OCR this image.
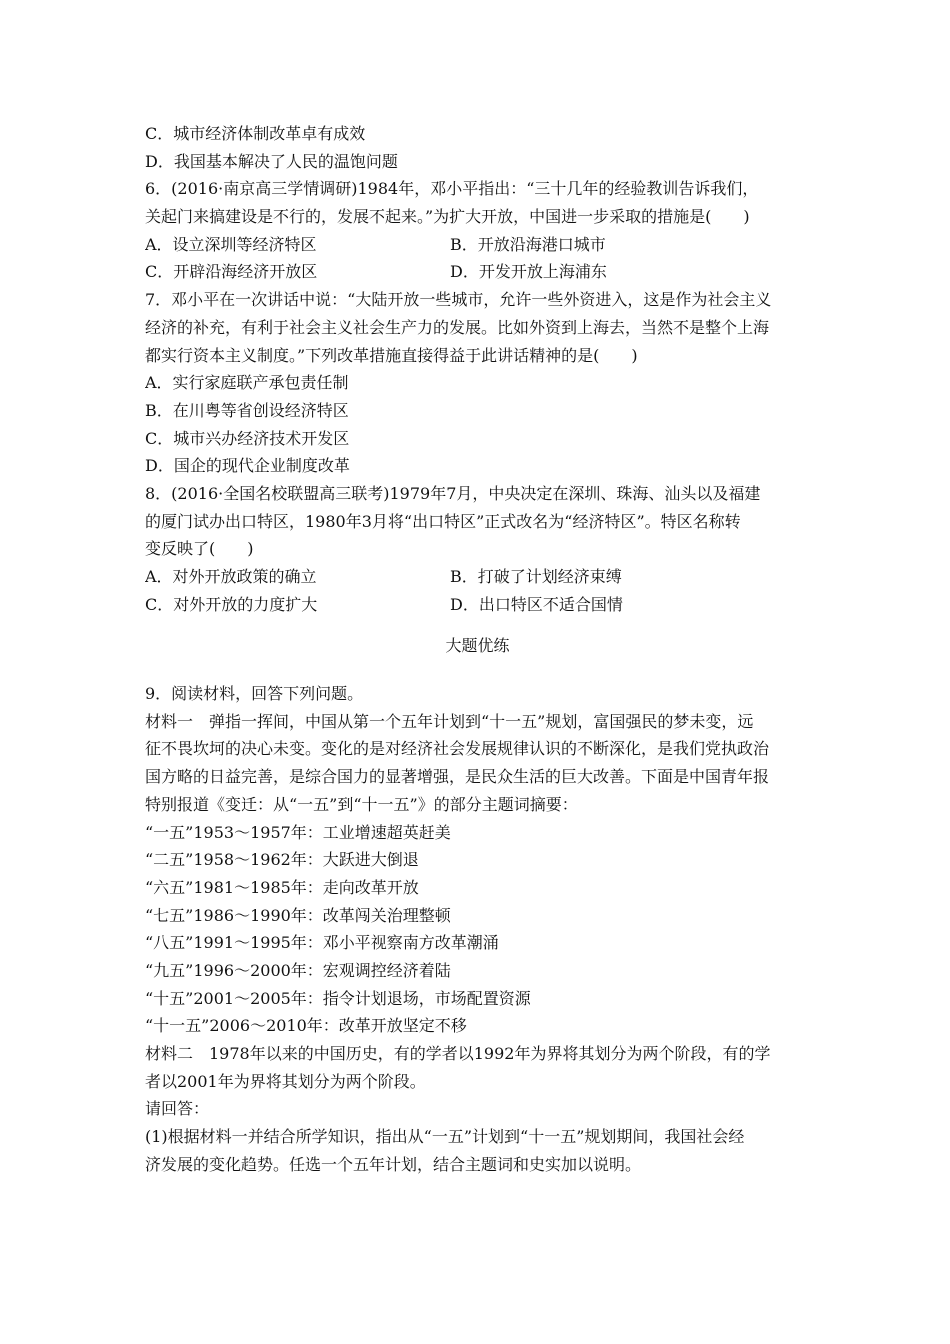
C．城市经济体制改革卓有成效
D．我国基本解决了人民的温饱问题
6．(2016·南京高三学情调研)1984年，邓小平指出：“三十几年的经验教训告诉我们，
关起门来搞建设是不行的，发展不起来。”为扩大开放，中国进一步采取的措施是(　　)
A．设立深圳等经济特区	B．开放沿海港口城市
C．开辟沿海经济开放区	D．开发开放上海浦东
7．邓小平在一次讲话中说：“大陆开放一些城市，允许一些外资进入，这是作为社会主义
经济的补充，有利于社会主义社会生产力的发展。比如外资到上海去，当然不是整个上海
都实行资本主义制度。”下列改革措施直接得益于此讲话精神的是(　　)
A．实行家庭联产承包责任制
B．在川粤等省创设经济特区
C．城市兴办经济技术开发区
D．国企的现代企业制度改革
8．(2016·全国名校联盟高三联考)1979年7月，中央决定在深圳、珠海、汕头以及福建
的厦门试办出口特区，1980年3月将“出口特区”正式改名为“经济特区”。特区名称转
变反映了(　　)
A．对外开放政策的确立	B．打破了计划经济束缚
C．对外开放的力度扩大	D．出口特区不适合国情
大题优练
9．阅读材料，回答下列问题。
材料一　弹指一挥间，中国从第一个五年计划到“十一五”规划，富国强民的梦未变，远
征不畏坎坷的决心未变。变化的是对经济社会发展规律认识的不断深化，是我们党执政治
国方略的日益完善，是综合国力的显著增强，是民众生活的巨大改善。下面是中国青年报
特别报道《变迁：从“一五”到“十一五”》的部分主题词摘要：
“一五”1953～1957年：工业增速超英赶美
“二五”1958～1962年：大跃进大倒退
“六五”1981～1985年：走向改革开放
“七五”1986～1990年：改革闯关治理整顿
“八五”1991～1995年：邓小平视察南方改革潮涌
“九五”1996～2000年：宏观调控经济着陆
“十五”2001～2005年：指令计划退场，市场配置资源
“十一五”2006～2010年：改革开放坚定不移
材料二　1978年以来的中国历史，有的学者以1992年为界将其划分为两个阶段，有的学
者以2001年为界将其划分为两个阶段。
请回答：
(1)根据材料一并结合所学知识，指出从“一五”计划到“十一五”规划期间，我国社会经
济发展的变化趋势。任选一个五年计划，结合主题词和史实加以说明。
